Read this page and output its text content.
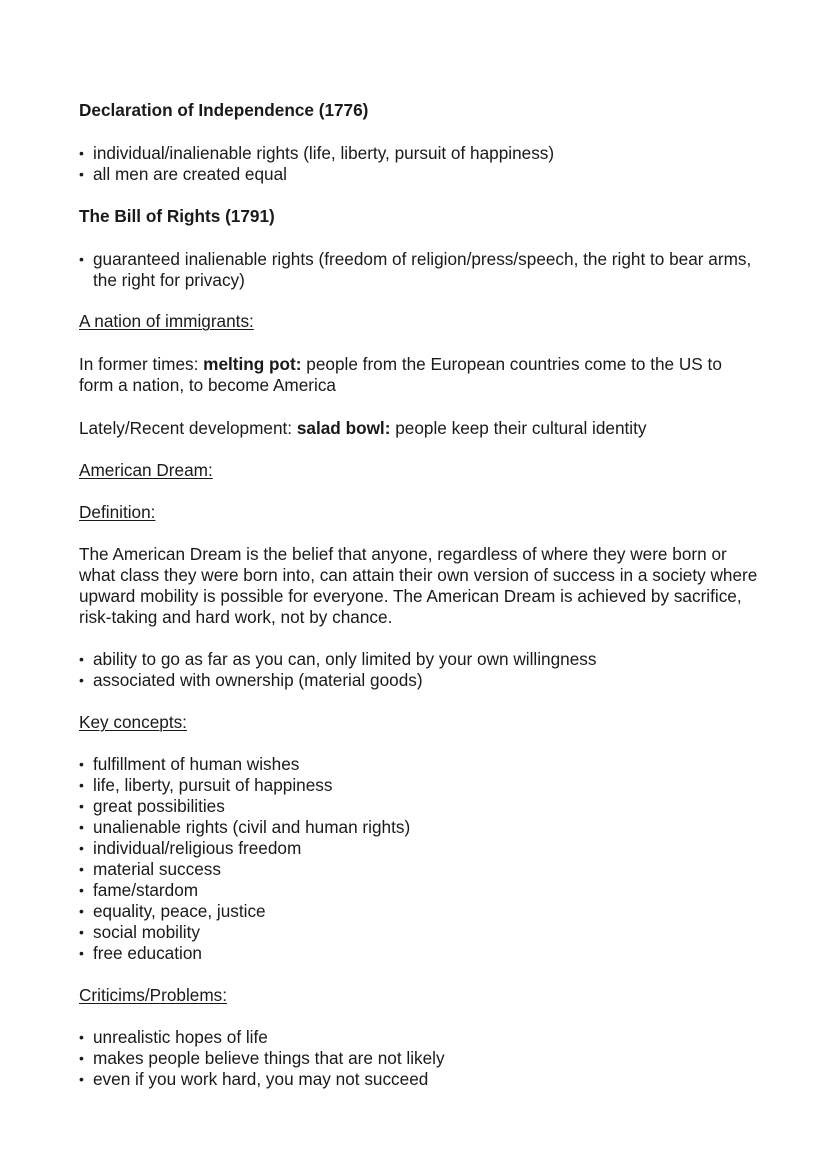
Declaration of Independence (1776)

• individual/inalienable rights (life, liberty, pursuit of happiness)
• all men are created equal

The Bill of Rights (1791)

• guaranteed inalienable rights (freedom of religion/press/speech, the right to bear arms, the right for privacy)

A nation of immigrants:

In former times: melting pot: people from the European countries come to the US to form a nation, to become America

Lately/Recent development: salad bowl: people keep their cultural identity

American Dream:

Definition:

The American Dream is the belief that anyone, regardless of where they were born or what class they were born into, can attain their own version of success in a society where upward mobility is possible for everyone. The American Dream is achieved by sacrifice, risk-taking and hard work, not by chance.

• ability to go as far as you can, only limited by your own willingness
• associated with ownership (material goods)

Key concepts:

• fulfillment of human wishes
• life, liberty, pursuit of happiness
• great possibilities
• unalienable rights (civil and human rights)
• individual/religious freedom
• material success
• fame/stardom
• equality, peace, justice
• social mobility
• free education

Criticims/Problems:

• unrealistic hopes of life
• makes people believe things that are not likely
• even if you work hard, you may not succeed
